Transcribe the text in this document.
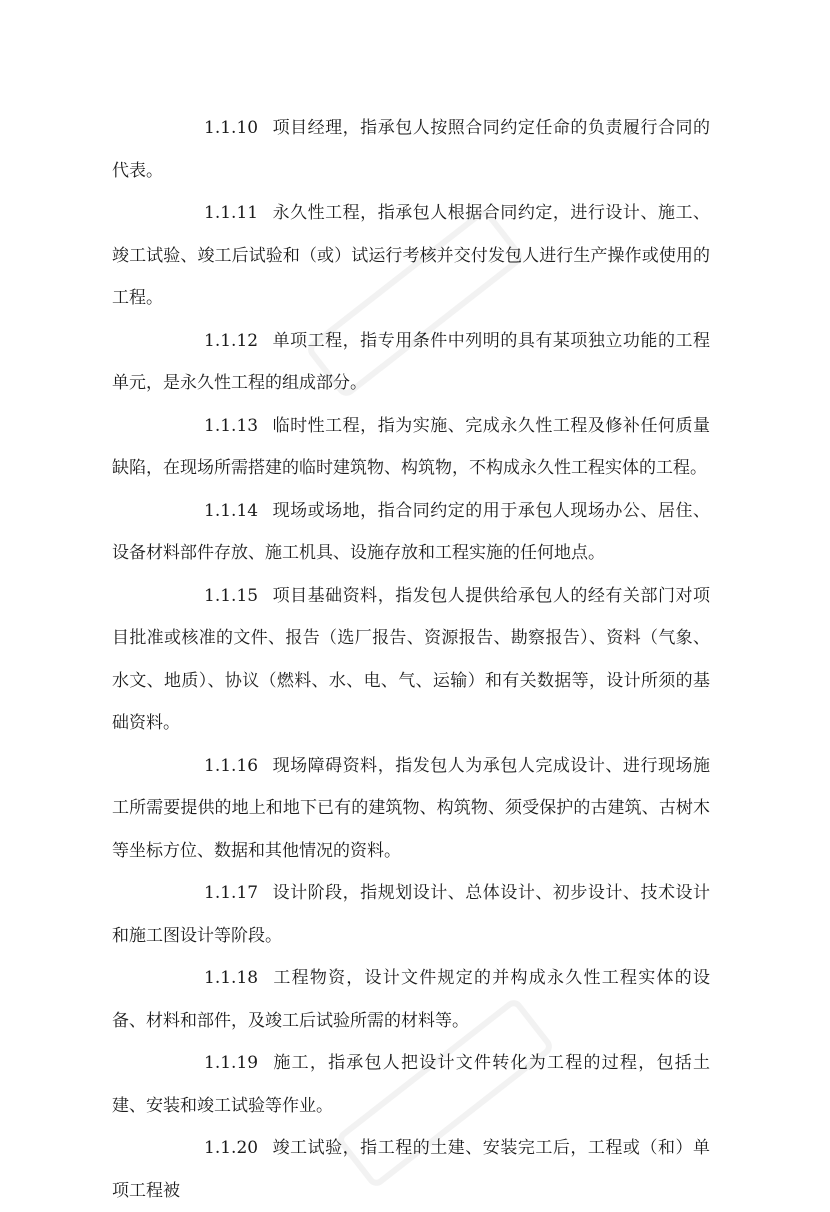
1.1.10 项目经理，指承包人按照合同约定任命的负责履行合同的代表。

1.1.11 永久性工程，指承包人根据合同约定，进行设计、施工、竣工试验、竣工后试验和（或）试运行考核并交付发包人进行生产操作或使用的工程。

1.1.12 单项工程，指专用条件中列明的具有某项独立功能的工程单元，是永久性工程的组成部分。

1.1.13 临时性工程，指为实施、完成永久性工程及修补任何质量缺陷，在现场所需搭建的临时建筑物、构筑物，不构成永久性工程实体的工程。

1.1.14 现场或场地，指合同约定的用于承包人现场办公、居住、设备材料部件存放、施工机具、设施存放和工程实施的任何地点。

1.1.15 项目基础资料，指发包人提供给承包人的经有关部门对项目批准或核准的文件、报告（选厂报告、资源报告、勘察报告）、资料（气象、水文、地质）、协议（燃料、水、电、气、运输）和有关数据等，设计所须的基础资料。

1.1.16 现场障碍资料，指发包人为承包人完成设计、进行现场施工所需要提供的地上和地下已有的建筑物、构筑物、须受保护的古建筑、古树木等坐标方位、数据和其他情况的资料。

1.1.17 设计阶段，指规划设计、总体设计、初步设计、技术设计和施工图设计等阶段。

1.1.18 工程物资，设计文件规定的并构成永久性工程实体的设备、材料和部件，及竣工后试验所需的材料等。

1.1.19 施工，指承包人把设计文件转化为工程的过程，包括土建、安装和竣工试验等作业。

1.1.20 竣工试验，指工程的土建、安装完工后，工程或（和）单项工程被
